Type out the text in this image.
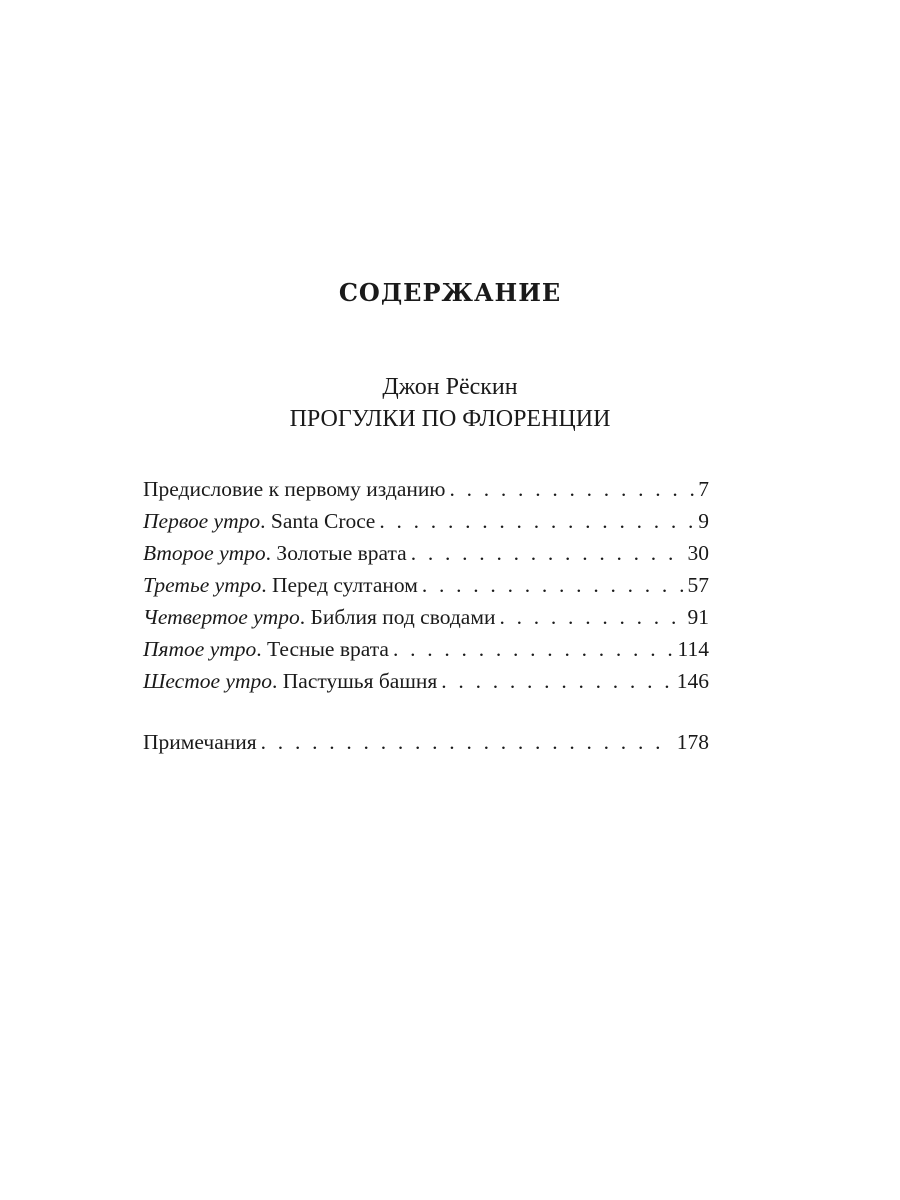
СОДЕРЖАНИЕ
Джон Рёскин
ПРОГУЛКИ ПО ФЛОРЕНЦИИ
Предисловие к первому изданию . . .	7
Первое утро. Santa Croce . . .	9
Второе утро. Золотые врата . . .	30
Третье утро. Перед султаном . . .	57
Четвертое утро. Библия под сводами . . .	91
Пятое утро. Тесные врата . . .	114
Шестое утро. Пастушья башня . . .	146
Примечания . . .	178
